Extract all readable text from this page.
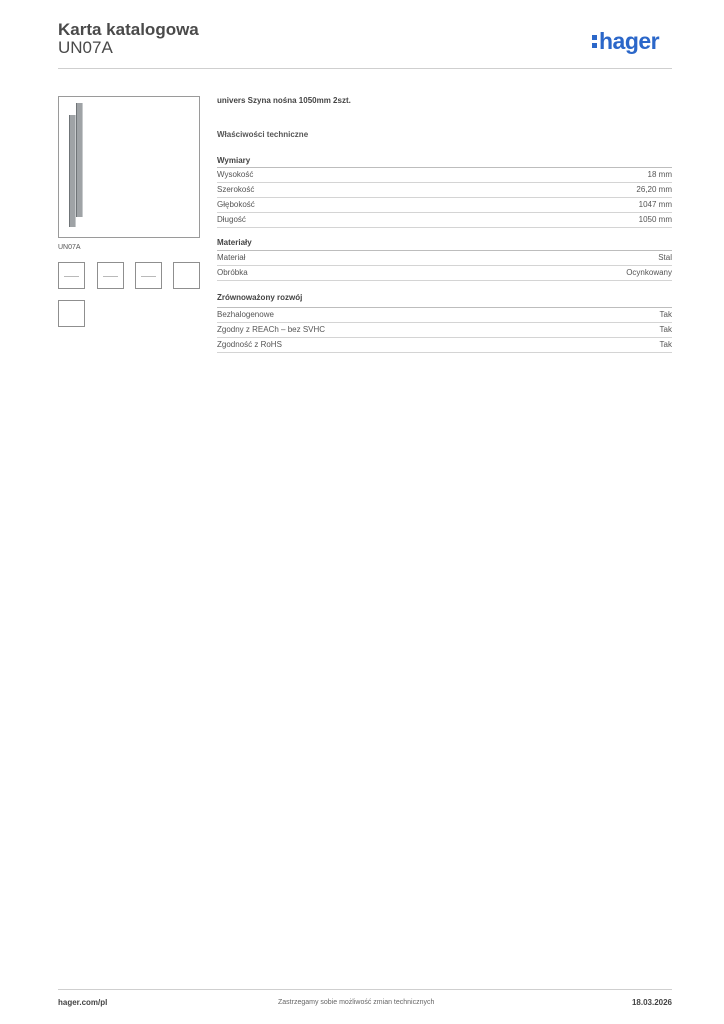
Karta katalogowa
UN07A	hager
UN07A
univers Szyna nośna 1050mm 2szt.
Właściwości techniczne
Wymiary
Wysokość	18 mm
Szerokość	26,20 mm
Głębokość	1047 mm
Długość	1050 mm
Materiały
Materiał	Stal
Obróbka	Ocynkowany
Zrównoważony rozwój
Bezhalogenowe	Tak
Zgodny z REACh – bez SVHC	Tak
Zgodność z RoHS	Tak
hager.com/pl	Zastrzegamy sobie możliwość zmian technicznych	18.03.2026
